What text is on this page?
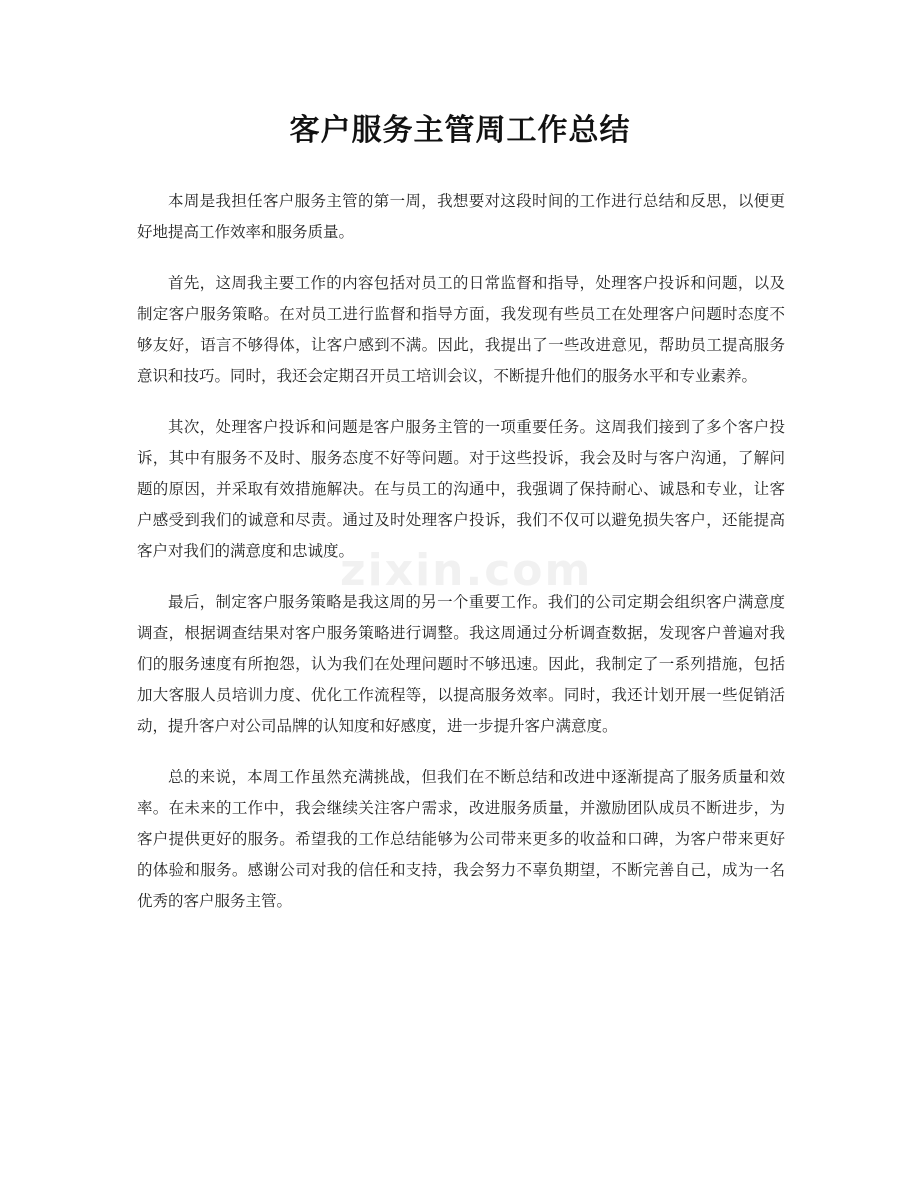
客户服务主管周工作总结

本周是我担任客户服务主管的第一周，我想要对这段时间的工作进行总结和反思，以便更好地提高工作效率和服务质量。

首先，这周我主要工作的内容包括对员工的日常监督和指导，处理客户投诉和问题，以及制定客户服务策略。在对员工进行监督和指导方面，我发现有些员工在处理客户问题时态度不够友好，语言不够得体，让客户感到不满。因此，我提出了一些改进意见，帮助员工提高服务意识和技巧。同时，我还会定期召开员工培训会议，不断提升他们的服务水平和专业素养。

其次，处理客户投诉和问题是客户服务主管的一项重要任务。这周我们接到了多个客户投诉，其中有服务不及时、服务态度不好等问题。对于这些投诉，我会及时与客户沟通，了解问题的原因，并采取有效措施解决。在与员工的沟通中，我强调了保持耐心、诚恳和专业，让客户感受到我们的诚意和尽责。通过及时处理客户投诉，我们不仅可以避免损失客户，还能提高客户对我们的满意度和忠诚度。

最后，制定客户服务策略是我这周的另一个重要工作。我们的公司定期会组织客户满意度调查，根据调查结果对客户服务策略进行调整。我这周通过分析调查数据，发现客户普遍对我们的服务速度有所抱怨，认为我们在处理问题时不够迅速。因此，我制定了一系列措施，包括加大客服人员培训力度、优化工作流程等，以提高服务效率。同时，我还计划开展一些促销活动，提升客户对公司品牌的认知度和好感度，进一步提升客户满意度。

总的来说，本周工作虽然充满挑战，但我们在不断总结和改进中逐渐提高了服务质量和效率。在未来的工作中，我会继续关注客户需求，改进服务质量，并激励团队成员不断进步，为客户提供更好的服务。希望我的工作总结能够为公司带来更多的收益和口碑，为客户带来更好的体验和服务。感谢公司对我的信任和支持，我会努力不辜负期望，不断完善自己，成为一名优秀的客户服务主管。

zixin.com
